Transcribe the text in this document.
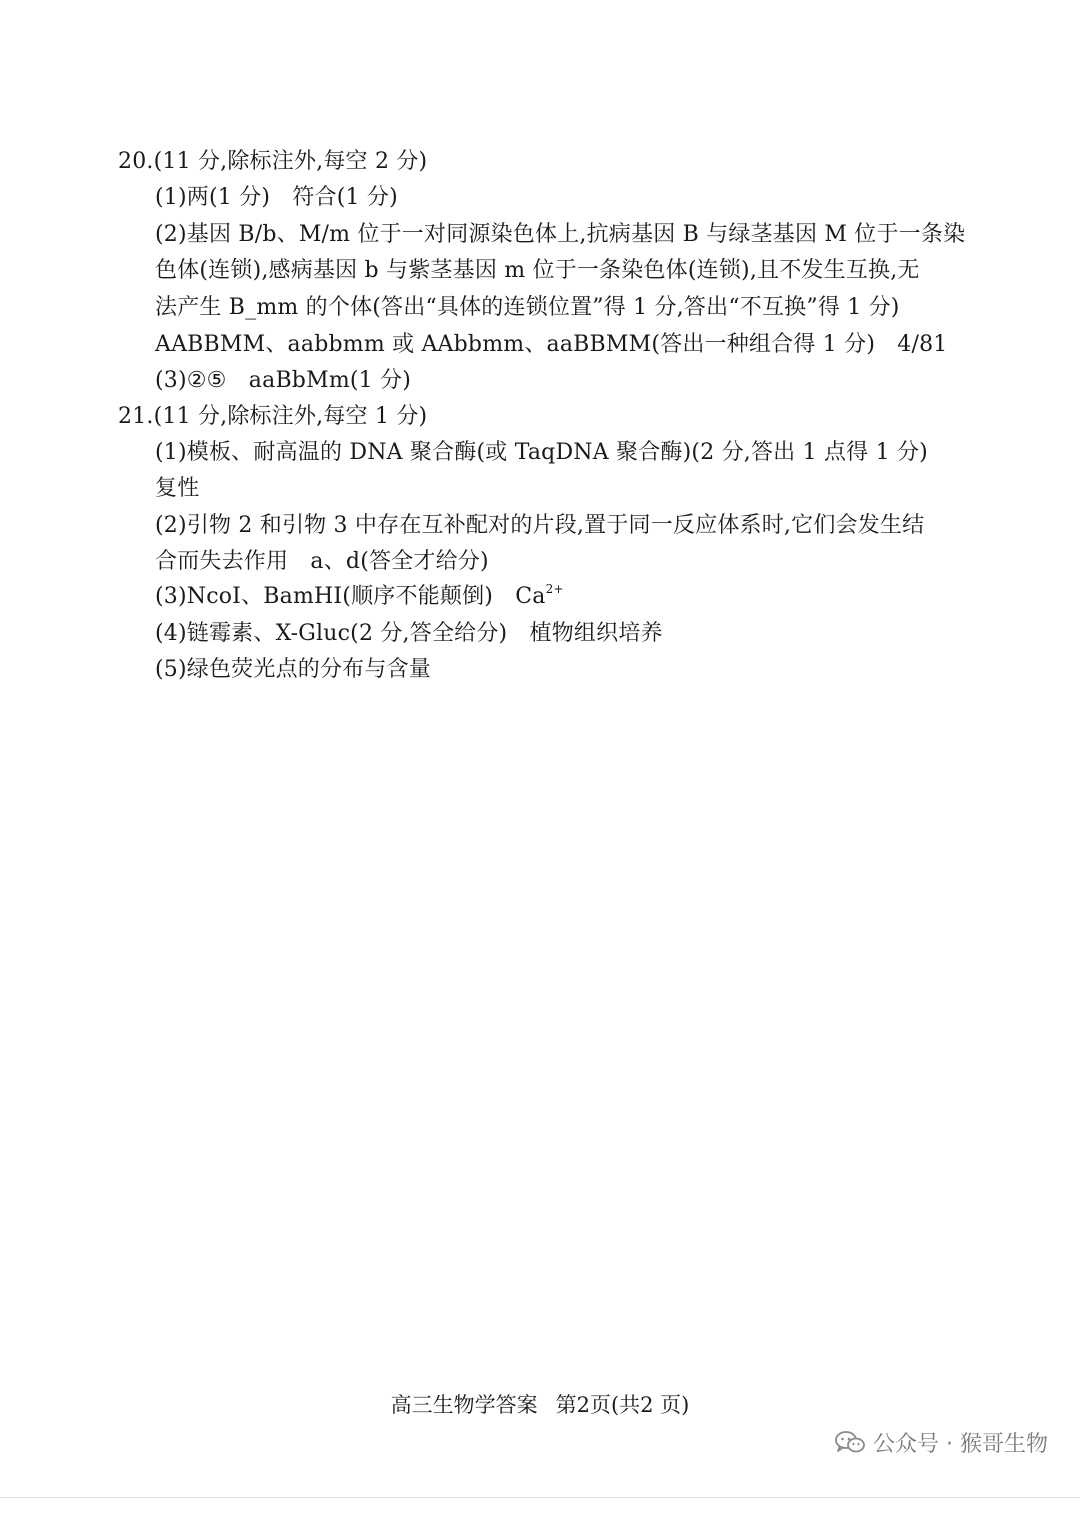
20.(11 分,除标注外,每空 2 分)
(1)两(1 分)　符合(1 分)
(2)基因 B/b、M/m 位于一对同源染色体上,抗病基因 B 与绿茎基因 M 位于一条染
色体(连锁),感病基因 b 与紫茎基因 m 位于一条染色体(连锁),且不发生互换,无
法产生 B_mm 的个体(答出“具体的连锁位置”得 1 分,答出“不互换”得 1 分)
AABBMM、aabbmm 或 AAbbmm、aaBBMM(答出一种组合得 1 分)　4/81
(3)②⑤　aaBbMm(1 分)
21.(11 分,除标注外,每空 1 分)
(1)模板、耐高温的 DNA 聚合酶(或 TaqDNA 聚合酶)(2 分,答出 1 点得 1 分)
复性
(2)引物 2 和引物 3 中存在互补配对的片段,置于同一反应体系时,它们会发生结
合而失去作用　a、d(答全才给分)
(3)NcoⅠ、BamHⅠ(顺序不能颠倒)　$Ca^{2+}$
(4)链霉素、X-Gluc(2 分,答全给分)　植物组织培养
(5)绿色荧光点的分布与含量
高三生物学答案 第2页(共2 页)
公众号 · 猴哥生物
